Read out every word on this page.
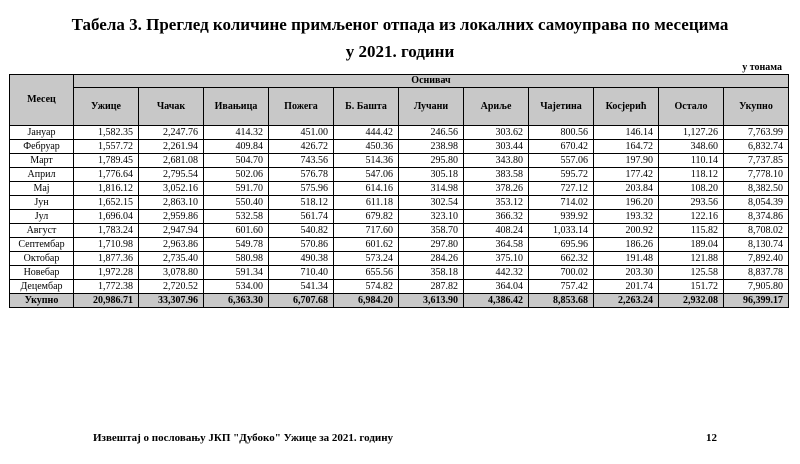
Табела 3. Преглед количине примљеног отпада из локалних самоуправа по месецима
у 2021. години
у тонама
Месец	Оснивач										
	Ужице	Чачак	Ивањица	Пожега	Б. Башта	Лучани	Ариље	Чајетина	Косјерић	Остало	Укупно
Јануар	1,582.35	2,247.76	414.32	451.00	444.42	246.56	303.62	800.56	146.14	1,127.26	7,763.99
Фебруар	1,557.72	2,261.94	409.84	426.72	450.36	238.98	303.44	670.42	164.72	348.60	6,832.74
Март	1,789.45	2,681.08	504.70	743.56	514.36	295.80	343.80	557.06	197.90	110.14	7,737.85
Април	1,776.64	2,795.54	502.06	576.78	547.06	305.18	383.58	595.72	177.42	118.12	7,778.10
Мај	1,816.12	3,052.16	591.70	575.96	614.16	314.98	378.26	727.12	203.84	108.20	8,382.50
Јун	1,652.15	2,863.10	550.40	518.12	611.18	302.54	353.12	714.02	196.20	293.56	8,054.39
Јул	1,696.04	2,959.86	532.58	561.74	679.82	323.10	366.32	939.92	193.32	122.16	8,374.86
Август	1,783.24	2,947.94	601.60	540.82	717.60	358.70	408.24	1,033.14	200.92	115.82	8,708.02
Септембар	1,710.98	2,963.86	549.78	570.86	601.62	297.80	364.58	695.96	186.26	189.04	8,130.74
Октобар	1,877.36	2,735.40	580.98	490.38	573.24	284.26	375.10	662.32	191.48	121.88	7,892.40
Новебар	1,972.28	3,078.80	591.34	710.40	655.56	358.18	442.32	700.02	203.30	125.58	8,837.78
Децембар	1,772.38	2,720.52	534.00	541.34	574.82	287.82	364.04	757.42	201.74	151.72	7,905.80
Укупно	20,986.71	33,307.96	6,363.30	6,707.68	6,984.20	3,613.90	4,386.42	8,853.68	2,263.24	2,932.08	96,399.17
Извештај о пословању ЈКП "Дубоко" Ужице за 2021. годину	12
